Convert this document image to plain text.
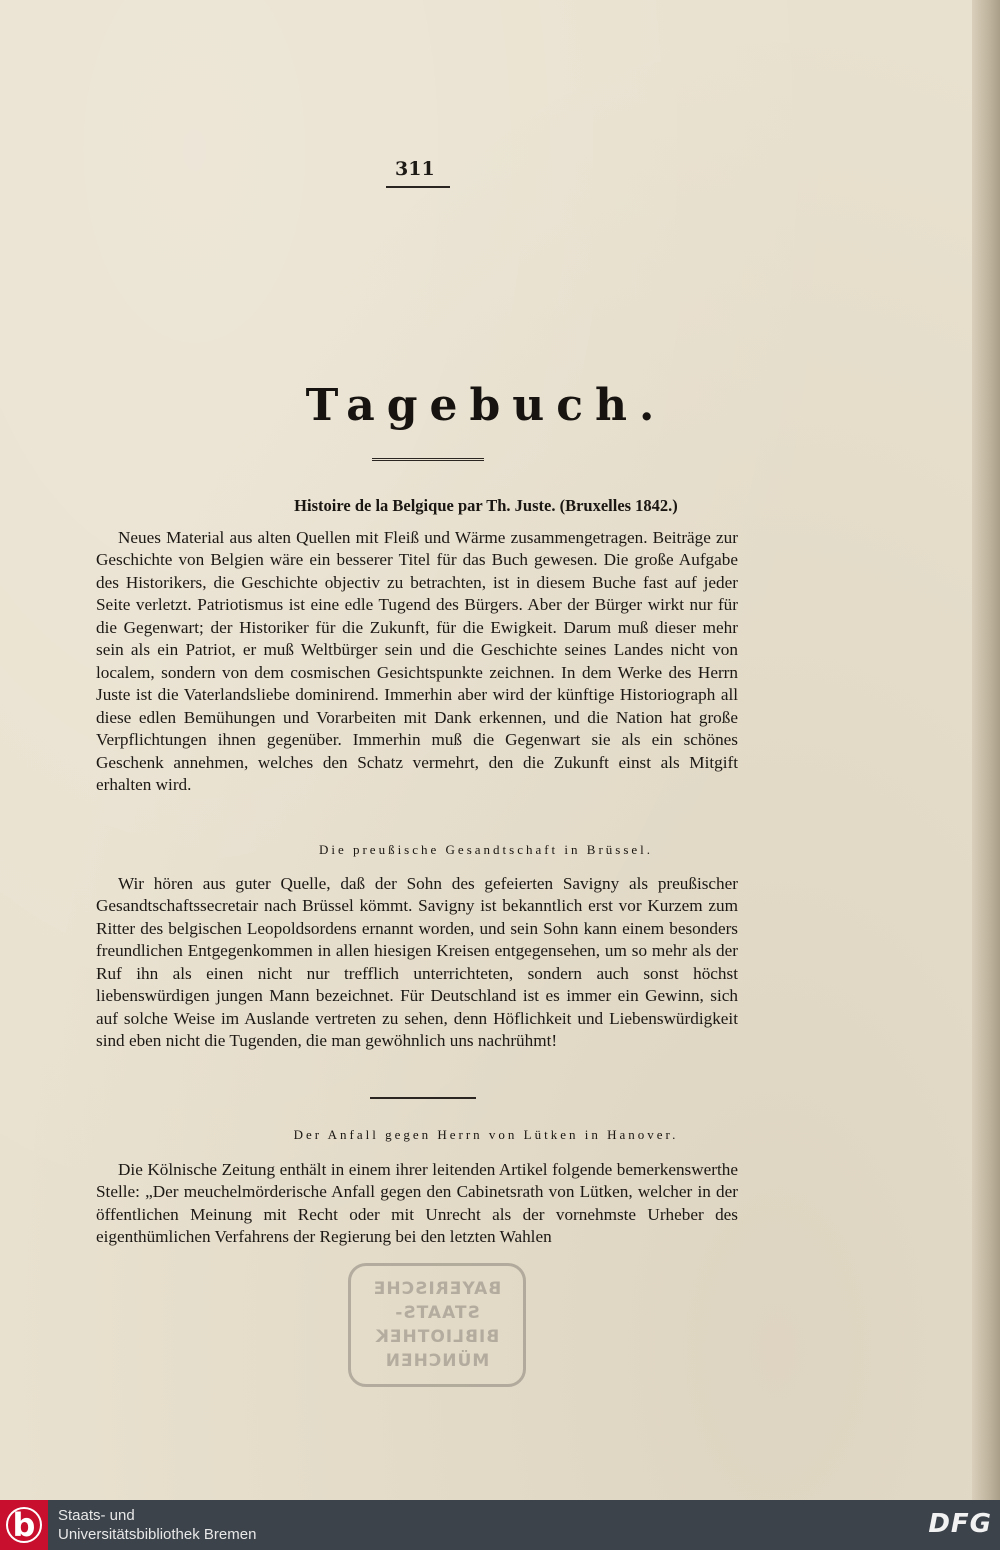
311
Tagebuch.
Histoire de la Belgique par Th. Juste. (Bruxelles 1842.)

Neues Material aus alten Quellen mit Fleiß und Wärme zusammengetragen. Beiträge zur Geschichte von Belgien wäre ein besserer Titel für das Buch gewesen. Die große Aufgabe des Historikers, die Geschichte objectiv zu betrachten, ist in diesem Buche fast auf jeder Seite verletzt. Patriotismus ist eine edle Tugend des Bürgers. Aber der Bürger wirkt nur für die Gegenwart; der Historiker für die Zukunft, für die Ewigkeit. Darum muß dieser mehr sein als ein Patriot, er muß Weltbürger sein und die Geschichte seines Landes nicht von localem, sondern von dem cosmischen Gesichtspunkte zeichnen. In dem Werke des Herrn Juste ist die Vaterlandsliebe dominirend. Immerhin aber wird der künftige Historiograph all diese edlen Bemühungen und Vorarbeiten mit Dank erkennen, und die Nation hat große Verpflichtungen ihnen gegenüber. Immerhin muß die Gegenwart sie als ein schönes Geschenk annehmen, welches den Schatz vermehrt, den die Zukunft einst als Mitgift erhalten wird.

Die preußische Gesandtschaft in Brüssel.

Wir hören aus guter Quelle, daß der Sohn des gefeierten Savigny als preußischer Gesandtschaftssecretair nach Brüssel kömmt. Savigny ist bekanntlich erst vor Kurzem zum Ritter des belgischen Leopoldsordens ernannt worden, und sein Sohn kann einem besonders freundlichen Entgegenkommen in allen hiesigen Kreisen entgegensehen, um so mehr als der Ruf ihn als einen nicht nur trefflich unterrichteten, sondern auch sonst höchst liebenswürdigen jungen Mann bezeichnet. Für Deutschland ist es immer ein Gewinn, sich auf solche Weise im Auslande vertreten zu sehen, denn Höflichkeit und Liebenswürdigkeit sind eben nicht die Tugenden, die man gewöhnlich uns nachrühmt!

Der Anfall gegen Herrn von Lütken in Hanover.

Die Kölnische Zeitung enthält in einem ihrer leitenden Artikel folgende bemerkenswerthe Stelle: „Der meuchelmörderische Anfall gegen den Cabinetsrath von Lütken, welcher in der öffentlichen Meinung mit Recht oder mit Unrecht als der vornehmste Urheber des eigenthümlichen Verfahrens der Regierung bei den letzten Wahlen

BAYERISCHE
STAATS-
BIBLIOTHEK
MÜNCHEN
b	Staats- und
Universitätsbibliothek Bremen	DFG
